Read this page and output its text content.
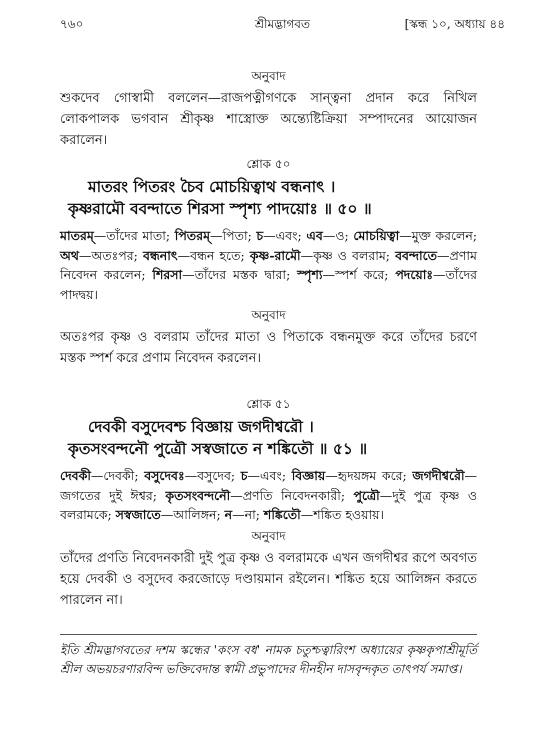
৭৬০	শ্রীমদ্ভাগবত	[স্কন্ধ ১০, অধ্যায় ৪৪
অনুবাদ
শুকদেব গোস্বামী বললেন—রাজপত্নীগণকে সান্ত্বনা প্রদান করে নিখিল লোকপালক ভগবান শ্রীকৃষ্ণ শাস্ত্রোক্ত অন্ত্যেষ্টিক্রিয়া সম্পাদনের আয়োজন করালেন।
শ্লোক ৫০
মাতরং পিতরং চৈব মোচয়িত্বাথ বন্ধনাৎ ।
কৃষ্ণরামৌ ববন্দাতে শিরসা স্পৃশ্য পাদয়োঃ ॥ ৫০ ॥
মাতরম্—তাঁদের মাতা; পিতরম্—পিতা; চ—এবং; এব—ও; মোচয়িত্বা—মুক্ত করলেন; অথ—অতঃপর; বন্ধনাৎ—বন্ধন হতে; কৃষ্ণ-রামৌ—কৃষ্ণ ও বলরাম; ববন্দাতে—প্রণাম নিবেদন করলেন; শিরসা—তাঁদের মস্তক দ্বারা; স্পৃশ্য—স্পর্শ করে; পদয়োঃ—তাঁদের পাদদ্বয়।
অনুবাদ
অতঃপর কৃষ্ণ ও বলরাম তাঁদের মাতা ও পিতাকে বন্ধনমুক্ত করে তাঁদের চরণে মস্তক স্পর্শ করে প্রণাম নিবেদন করলেন।
শ্লোক ৫১
দেবকী বসুদেবশ্চ বিজ্ঞায় জগদীশ্বরৌ ।
কৃতসংবন্দনৌ পুত্রৌ সস্বজাতে ন শঙ্কিতৌ ॥ ৫১ ॥
দেবকী—দেবকী; বসুদেবঃ—বসুদেব; চ—এবং; বিজ্ঞায়—হৃদয়ঙ্গম করে; জগদীশ্বরৌ—জগতের দুই ঈশ্বর; কৃতসংবন্দনৌ—প্রণতি নিবেদনকারী; পুত্রৌ—দুই পুত্র কৃষ্ণ ও বলরামকে; সস্বজাতে—আলিঙ্গন; ন—না; শঙ্কিতৌ—শঙ্কিত হওয়ায়।
অনুবাদ
তাঁদের প্রণতি নিবেদনকারী দুই পুত্র কৃষ্ণ ও বলরামকে এখন জগদীশ্বর রূপে অবগত হয়ে দেবকী ও বসুদেব করজোড়ে দণ্ডায়মান রইলেন। শঙ্কিত হয়ে আলিঙ্গন করতে পারলেন না।
ইতি শ্রীমদ্ভাগবতের দশম স্কন্ধের 'কংস বধ' নামক চতুশ্চত্বারিংশ অধ্যায়ের কৃষ্ণকৃপাশ্রীমূর্তি শ্রীল অভয়চরণারবিন্দ ভক্তিবেদান্ত স্বামী প্রভুপাদের দীনহীন দাসবৃন্দকৃত তাৎপর্য সমাপ্ত।
